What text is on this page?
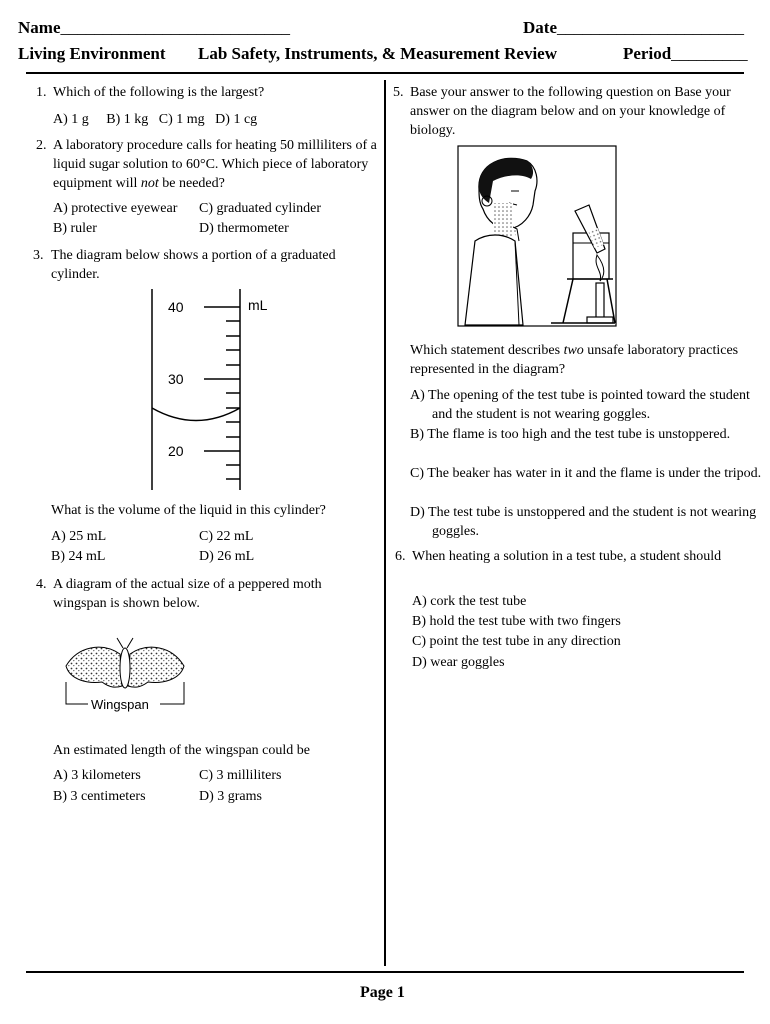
Name___________________________	Date______________________
Living Environment Lab Safety, Instruments, & Measurement Review	Period_________
1. Which of the following is the largest?
A) 1 g B) 1 kg C) 1 mg D) 1 cg
2. A laboratory procedure calls for heating 50 milliliters of a liquid sugar solution to 60°C. Which piece of laboratory equipment will not be needed?
A) protective eyewear
B) ruler
C) graduated cylinder
D) thermometer
3. The diagram below shows a portion of a graduated cylinder.
40
30
20
mL
What is the volume of the liquid in this cylinder?
A) 25 mL
B) 24 mL
C) 22 mL
D) 26 mL
4. A diagram of the actual size of a peppered moth wingspan is shown below.
Wingspan
An estimated length of the wingspan could be
A) 3 kilometers
B) 3 centimeters
C) 3 milliliters
D) 3 grams
5. Base your answer to the following question on Base your answer on the diagram below and on your knowledge of biology.
Which statement describes two unsafe laboratory practices represented in the diagram?
A) The opening of the test tube is pointed toward the student and the student is not wearing goggles.
B) The flame is too high and the test tube is unstoppered.
C) The beaker has water in it and the flame is under the tripod.
D) The test tube is unstoppered and the student is not wearing goggles.
6. When heating a solution in a test tube, a student should
A) cork the test tube
B) hold the test tube with two fingers
C) point the test tube in any direction
D) wear goggles
Page 1
